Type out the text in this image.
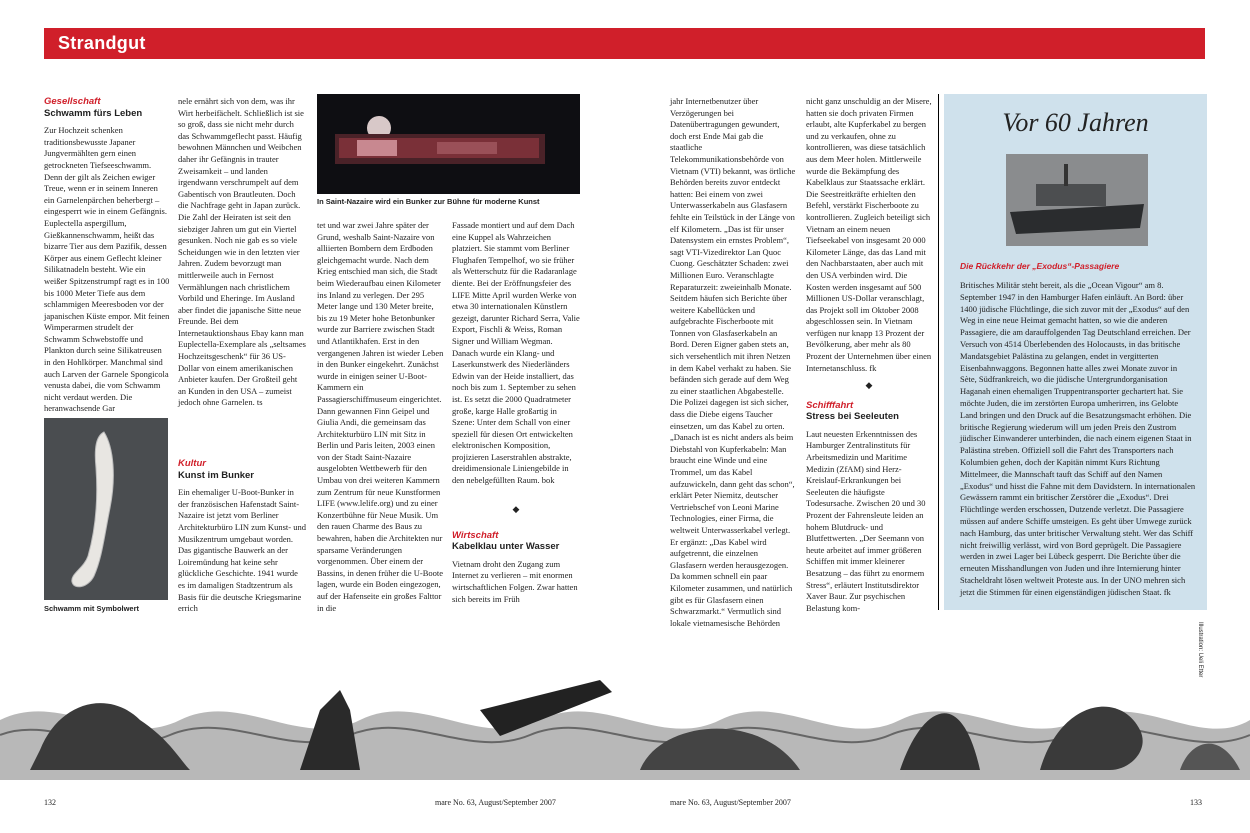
Strandgut
Gesellschaft
Schwamm fürs Leben

Zur Hochzeit schenken traditionsbewusste Japaner Jungvermählten gern einen getrockneten Tiefseeschwamm. Denn der gilt als Zeichen ewiger Treue, wenn er in seinem Inneren ein Garnelenpärchen beherbergt – eingesperrt wie in einem Gefängnis. Euplectella aspergillum, Gießkannenschwamm, heißt das bizarre Tier aus dem Pazifik, dessen Körper aus einem Geflecht kleiner Silikatnadeln besteht. Wie ein weißer Spitzenstrumpf ragt es in 100 bis 1000 Meter Tiefe aus dem schlammigen Meeresboden vor der japanischen Küste empor. Mit feinen Wimperarmen strudelt der Schwamm Schwebstoffe und Plankton durch seine Silikatreusen in den Hohlkörper. Manchmal sind auch Larven der Garnele Spongicola venusta dabei, die vom Schwamm nicht verdaut werden. Die heranwachsende Gar

Schwamm mit Symbolwert

nele ernährt sich von dem, was ihr Wirt herbeifächelt. Schließlich ist sie so groß, dass sie nicht mehr durch das Schwammgeflecht passt. Häufig bewohnen Männchen und Weibchen daher ihr Gefängnis in trauter Zweisamkeit – und landen irgendwann verschrumpelt auf dem Gabentisch von Brautleuten. Doch die Nachfrage geht in Japan zurück. Die Zahl der Heiraten ist seit den siebziger Jahren um gut ein Viertel gesunken. Noch nie gab es so viele Scheidungen wie in den letzten vier Jahren. Zudem bevorzugt man mittlerweile auch in Fernost Vermählungen nach christlichem Vorbild und Eheringe. Im Ausland aber findet die japanische Sitte neue Freunde. Bei dem Internetauktionshaus Ebay kann man Euplectella-Exemplare als „seltsames Hochzeitsgeschenk“ für 36 US-Dollar von einem amerikanischen Anbieter kaufen. Der Großteil geht an Kunden in den USA – zumeist jedoch ohne Garnelen. ts

Kultur
Kunst im Bunker

Ein ehemaliger U-Boot-Bunker in der französischen Hafenstadt Saint-Nazaire ist jetzt vom Berliner Architekturbüro LIN zum Kunst- und Musikzentrum umgebaut worden. Das gigantische Bauwerk an der Loiremündung hat keine sehr glückliche Geschichte. 1941 wurde es im damaligen Stadtzentrum als Basis für die deutsche Kriegsmarine errich

In Saint-Nazaire wird ein Bunker zur Bühne für moderne Kunst

tet und war zwei Jahre später der Grund, weshalb Saint-Nazaire von alliierten Bombern dem Erdboden gleichgemacht wurde. Nach dem Krieg entschied man sich, die Stadt beim Wiederaufbau einen Kilometer ins Inland zu verlegen. Der 295 Meter lange und 130 Meter breite, bis zu 19 Meter hohe Betonbunker wurde zur Barriere zwischen Stadt und Atlantikhafen. Erst in den vergangenen Jahren ist wieder Leben in den Bunker eingekehrt. Zunächst wurde in einigen seiner U-Boot-Kammern ein Passagierschiffmuseum eingerichtet. Dann gewannen Finn Geipel und Giulia Andi, die gemeinsam das Architekturbüro LIN mit Sitz in Berlin und Paris leiten, 2003 einen von der Stadt Saint-Nazaire ausgelobten Wettbewerb für den Umbau von drei weiteren Kammern zum Zentrum für neue Kunstformen LIFE (www.lelife.org) und zu einer Konzertbühne für Neue Musik. Um den rauen Charme des Baus zu bewahren, haben die Architekten nur sparsame Veränderungen vorgenommen. Über einem der Bassins, in denen früher die U-Boote lagen, wurde ein Boden eingezogen, auf der Hafenseite ein großes Falttor in die

Fassade montiert und auf dem Dach eine Kuppel als Wahrzeichen platziert. Sie stammt vom Berliner Flughafen Tempelhof, wo sie früher als Wetterschutz für die Radaranlage diente. Bei der Eröffnungsfeier des LIFE Mitte April wurden Werke von etwa 30 internationalen Künstlern gezeigt, darunter Richard Serra, Valie Export, Fischli & Weiss, Roman Signer und William Wegman. Danach wurde ein Klang- und Laserkunstwerk des Niederländers Edwin van der Heide installiert, das noch bis zum 1. September zu sehen ist. Es setzt die 2000 Quadratmeter große, karge Halle großartig in Szene: Unter dem Schall von einer speziell für diesen Ort entwickelten elektronischen Komposition, projizieren Laserstrahlen abstrakte, dreidimensionale Liniengebilde in den nebelgefüllten Raum. bok

◆
Wirtschaft
Kabelklau unter Wasser

Vietnam droht den Zugang zum Internet zu verlieren – mit enormen wirtschaftlichen Folgen. Zwar hatten sich bereits im Früh

jahr Internetbenutzer über Verzögerungen bei Datenübertragungen gewundert, doch erst Ende Mai gab die staatliche Telekommunikationsbehörde von Vietnam (VTI) bekannt, was örtliche Behörden bereits zuvor entdeckt hatten: Bei einem von zwei Unterwasserkabeln aus Glasfasern fehlte ein Teilstück in der Länge von elf Kilometern. „Das ist für unser Datensystem ein ernstes Problem“, sagt VTI-Vizedirektor Lan Quoc Cuong. Geschätzter Schaden: zwei Millionen Euro. Veranschlagte Reparaturzeit: zweieinhalb Monate. Seitdem häufen sich Berichte über weitere Kabellücken und aufgebrachte Fischerboote mit Tonnen von Glasfaserkabeln an Bord. Deren Eigner gaben stets an, sich versehentlich mit ihren Netzen in dem Kabel verhakt zu haben. Sie befänden sich gerade auf dem Weg zu einer staatlichen Abgabestelle. Die Polizei dagegen ist sich sicher, dass die Diebe eigens Taucher einsetzen, um das Kabel zu orten. „Danach ist es nicht anders als beim Diebstahl von Kupferkabeln: Man braucht eine Winde und eine Trommel, um das Kabel aufzuwickeln, dann geht das schon“, erklärt Peter Niemitz, deutscher Vertriebschef von Leoni Marine Technologies, einer Firma, die weltweit Unterwasserkabel verlegt. Er ergänzt: „Das Kabel wird aufgetrennt, die einzelnen Glasfasern werden herausgezogen. Da kommen schnell ein paar Kilometer zusammen, und natürlich gibt es für Glasfasern einen Schwarzmarkt.“ Vermutlich sind lokale vietnamesische Behörden

nicht ganz unschuldig an der Misere, hatten sie doch privaten Firmen erlaubt, alte Kupferkabel zu bergen und zu verkaufen, ohne zu kontrollieren, was diese tatsächlich aus dem Meer holen. Mittlerweile wurde die Bekämpfung des Kabelklaus zur Staatssache erklärt. Die Seestreitkräfte erhielten den Befehl, verstärkt Fischerboote zu kontrollieren. Zugleich beteiligt sich Vietnam an einem neuen Tiefseekabel von insgesamt 20 000 Kilometer Länge, das das Land mit den Nachbarstaaten, aber auch mit den USA verbinden wird. Die Kosten werden insgesamt auf 500 Millionen US-Dollar veranschlagt, das Projekt soll im Oktober 2008 abgeschlossen sein. In Vietnam verfügen nur knapp 13 Prozent der Bevölkerung, aber mehr als 80 Prozent der Unternehmen über einen Internetanschluss. fk

◆
Schifffahrt
Stress bei Seeleuten

Laut neuesten Erkenntnissen des Hamburger Zentralinstituts für Arbeitsmedizin und Maritime Medizin (ZfAM) sind Herz-Kreislauf-Erkrankungen bei Seeleuten die häufigste Todesursache. Zwischen 20 und 30 Prozent der Fahrensleute leiden an hohem Blutdruck- und Blutfettwerten. „Der Seemann von heute arbeitet auf immer größeren Schiffen mit immer kleinerer Besatzung – das führt zu enormem Stress“, erläutert Institutsdirektor Xaver Baur. Zur psychischen Belastung kom-

Vor 60 Jahren
Die Rückkehr der „Exodus“-Passagiere
Britisches Militär steht bereit, als die „Ocean Vigour“ am 8. September 1947 in den Hamburger Hafen einläuft. An Bord: über 1400 jüdische Flüchtlinge, die sich zuvor mit der „Exodus“ auf den Weg in eine neue Heimat gemacht hatten, so wie die anderen Passagiere, die am darauffolgenden Tag Deutschland erreichen. Der Versuch von 4514 Überlebenden des Holocausts, in das britische Mandatsgebiet Palästina zu gelangen, endet in vergitterten Eisenbahnwaggons. Begonnen hatte alles zwei Monate zuvor in Sète, Südfrankreich, wo die jüdische Untergrundorganisation Haganah einen ehemaligen Truppentransporter gechartert hat. Sie möchte Juden, die im zerstörten Europa umherirren, ins Gelobte Land bringen und den Druck auf die Besatzungsmacht erhöhen. Die britische Regierung wiederum will um jeden Preis den Zustrom jüdischer Einwanderer unterbinden, die nach einem eigenen Staat in Palästina streben. Offiziell soll die Fahrt des Transporters nach Kolumbien gehen, doch der Kapitän nimmt Kurs Richtung Mittelmeer, die Mannschaft tauft das Schiff auf den Namen „Exodus“ und hisst die Fahne mit dem Davidstern. In internationalen Gewässern rammt ein britischer Zerstörer die „Exodus“. Drei Flüchtlinge werden erschossen, Dutzende verletzt. Die Passagiere müssen auf andere Schiffe umsteigen. Es geht über Umwege zurück nach Hamburg, das unter britischer Verwaltung steht. Wer das Schiff nicht freiwillig verlässt, wird von Bord geprügelt. Die Passagiere werden in zwei Lager bei Lübeck gesperrt. Die Berichte über die erneuten Misshandlungen von Juden und ihre Internierung hinter Stacheldraht lösen weltweit Proteste aus. In der UNO mehren sich jetzt die Stimmen für einen eigenständigen jüdischen Staat. fk
Illustration: Ueli Etter
132	mare No. 63, August/September 2007	mare No. 63, August/September 2007	133
